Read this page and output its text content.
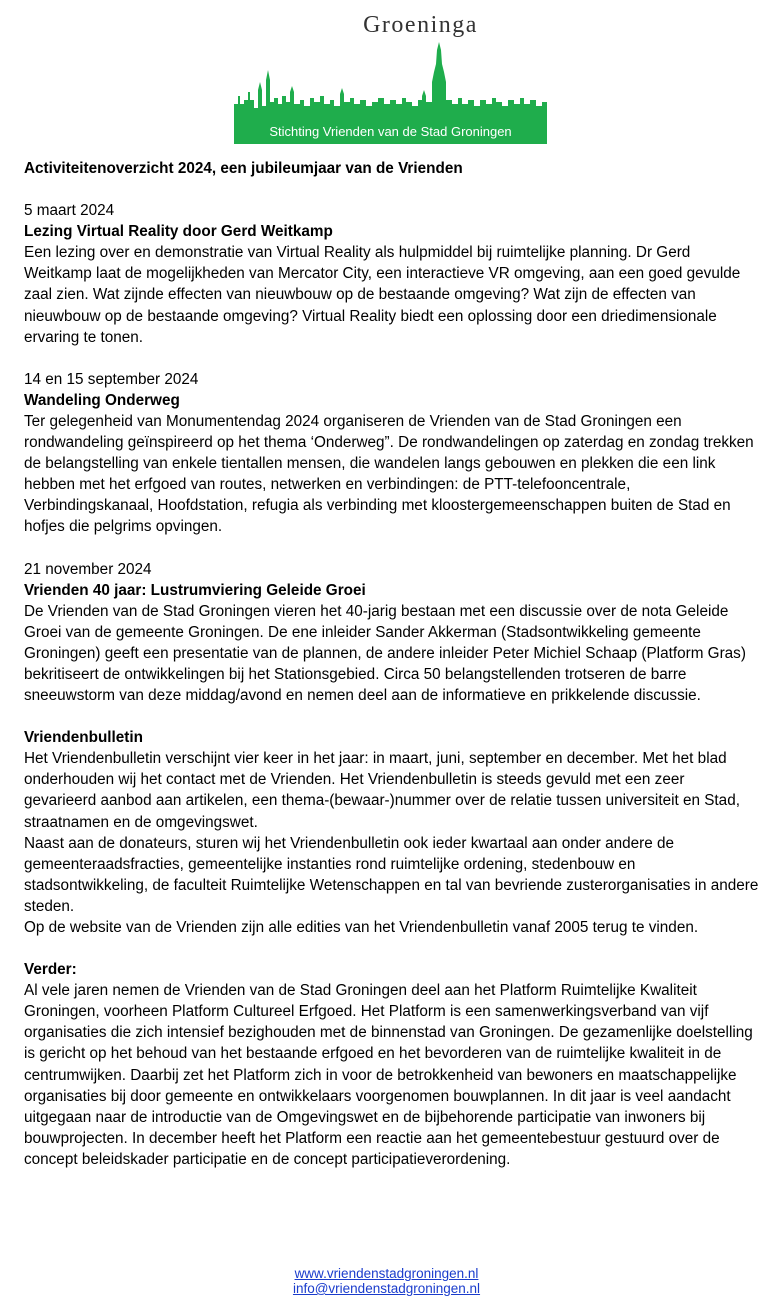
Groeninga
Stichting Vrienden van de Stad Groningen

Activiteitenoverzicht 2024, een jubileumjaar van de Vrienden

5 maart 2024

Lezing Virtual Reality door Gerd Weitkamp

Een lezing over en demonstratie van Virtual Reality als hulpmiddel bij ruimtelijke planning. Dr Gerd Weitkamp laat de mogelijkheden van Mercator City, een interactieve VR omgeving, aan een goed gevulde zaal zien. Wat zijnde effecten van nieuwbouw op de bestaande omgeving? Wat zijn de effecten van nieuwbouw op de bestaande omgeving? Virtual Reality biedt een oplossing door een driedimensionale ervaring te tonen.

14 en 15 september 2024

Wandeling Onderweg

Ter gelegenheid van Monumentendag 2024 organiseren de Vrienden van de Stad Groningen een rondwandeling geïnspireerd op het thema ‘Onderweg”. De rondwandelingen op zaterdag en zondag trekken de belangstelling van enkele tientallen mensen, die wandelen langs gebouwen en plekken die een link hebben met het erfgoed van routes, netwerken en verbindingen: de PTT-telefooncentrale, Verbindingskanaal, Hoofdstation, refugia als verbinding met kloostergemeenschappen buiten de Stad en hofjes die pelgrims opvingen.

21 november 2024

Vrienden 40 jaar: Lustrumviering Geleide Groei

De Vrienden van de Stad Groningen vieren het 40-jarig bestaan met een discussie over de nota Geleide Groei van de gemeente Groningen. De ene inleider Sander Akkerman (Stadsontwikkeling gemeente Groningen) geeft een presentatie van de plannen, de andere inleider Peter Michiel Schaap (Platform Gras) bekritiseert de ontwikkelingen bij het Stationsgebied. Circa 50 belangstellenden trotseren de barre sneeuwstorm van deze middag/avond en nemen deel aan de informatieve en prikkelende discussie.

Vriendenbulletin

Het Vriendenbulletin verschijnt vier keer in het jaar: in maart, juni, september en december. Met het blad onderhouden wij het contact met de Vrienden. Het Vriendenbulletin is steeds gevuld met een zeer gevarieerd aanbod aan artikelen, een thema-(bewaar-)nummer over de relatie tussen universiteit en Stad, straatnamen en de omgevingswet.

Naast aan de donateurs, sturen wij het Vriendenbulletin ook ieder kwartaal aan onder andere de gemeenteraadsfracties, gemeentelijke instanties rond ruimtelijke ordening, stedenbouw en stadsontwikkeling, de faculteit Ruimtelijke Wetenschappen en tal van bevriende zusterorganisaties in andere steden.

Op de website van de Vrienden zijn alle edities van het Vriendenbulletin vanaf 2005 terug te vinden.

Verder:

Al vele jaren nemen de Vrienden van de Stad Groningen deel aan het Platform Ruimtelijke Kwaliteit Groningen, voorheen Platform Cultureel Erfgoed. Het Platform is een samenwerkingsverband van vijf organisaties die zich intensief bezighouden met de binnenstad van Groningen. De gezamenlijke doelstelling is gericht op het behoud van het bestaande erfgoed en het bevorderen van de ruimtelijke kwaliteit in de centrumwijken. Daarbij zet het Platform zich in voor de betrokkenheid van bewoners en maatschappelijke organisaties bij door gemeente en ontwikkelaars voorgenomen bouwplannen. In dit jaar is veel aandacht uitgegaan naar de introductie van de Omgevingswet en de bijbehorende participatie van inwoners bij bouwprojecten. In december heeft het Platform een reactie aan het gemeentebestuur gestuurd over de concept beleidskader participatie en de concept participatieverordening.

www.vriendenstadgroningen.nl
info@vriendenstadgroningen.nl
